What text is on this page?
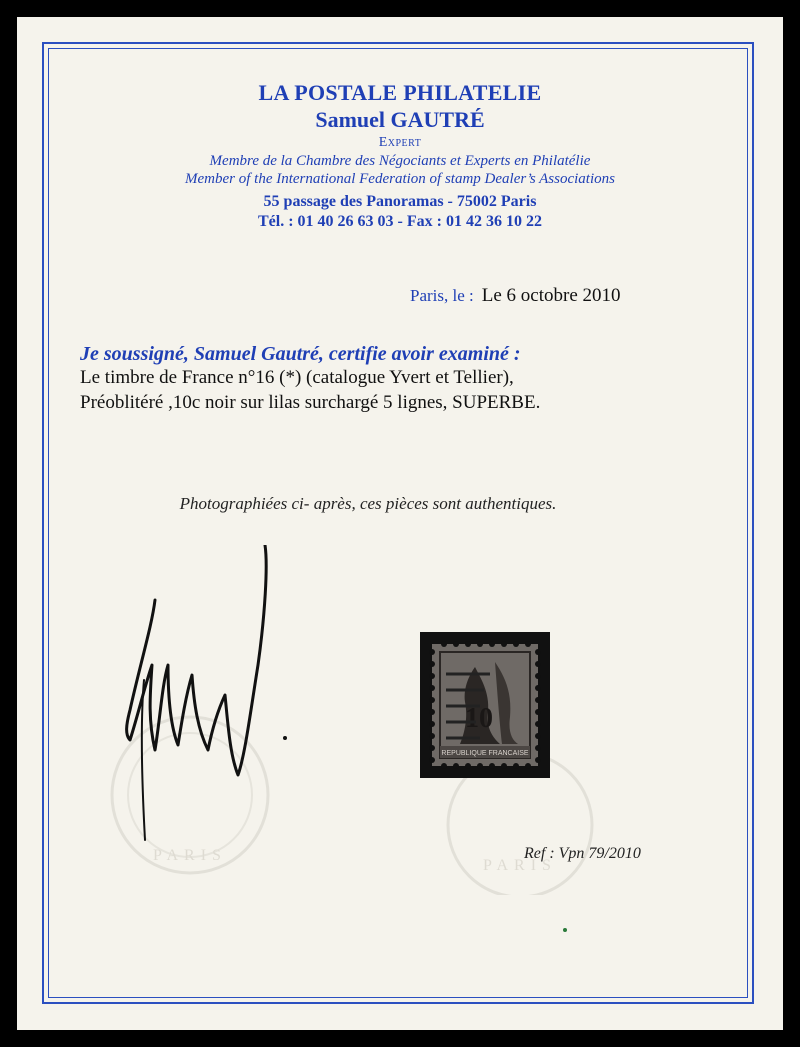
LA POSTALE PHILATELIE
Samuel GAUTRÉ
Expert
Membre de la Chambre des Négociants et Experts en Philatélie
Member of the International Federation of stamp Dealer’s Associations
55 passage des Panoramas - 75002 Paris
Tél. : 01 40 26 63 03 - Fax : 01 42 36 10 22
Paris, le : Le 6 octobre 2010
Je soussigné, Samuel Gautré, certifie avoir examiné :
Le timbre de France n°16 (*) (catalogue Yvert et Tellier),
Préoblitéré ,10c noir sur lilas surchargé 5 lignes, SUPERBE.
Photographiées ci- après, ces pièces sont authentiques.
PARIS
PARIS
10
REPUBLIQUE FRANCAISE
Ref : Vpn 79/2010
